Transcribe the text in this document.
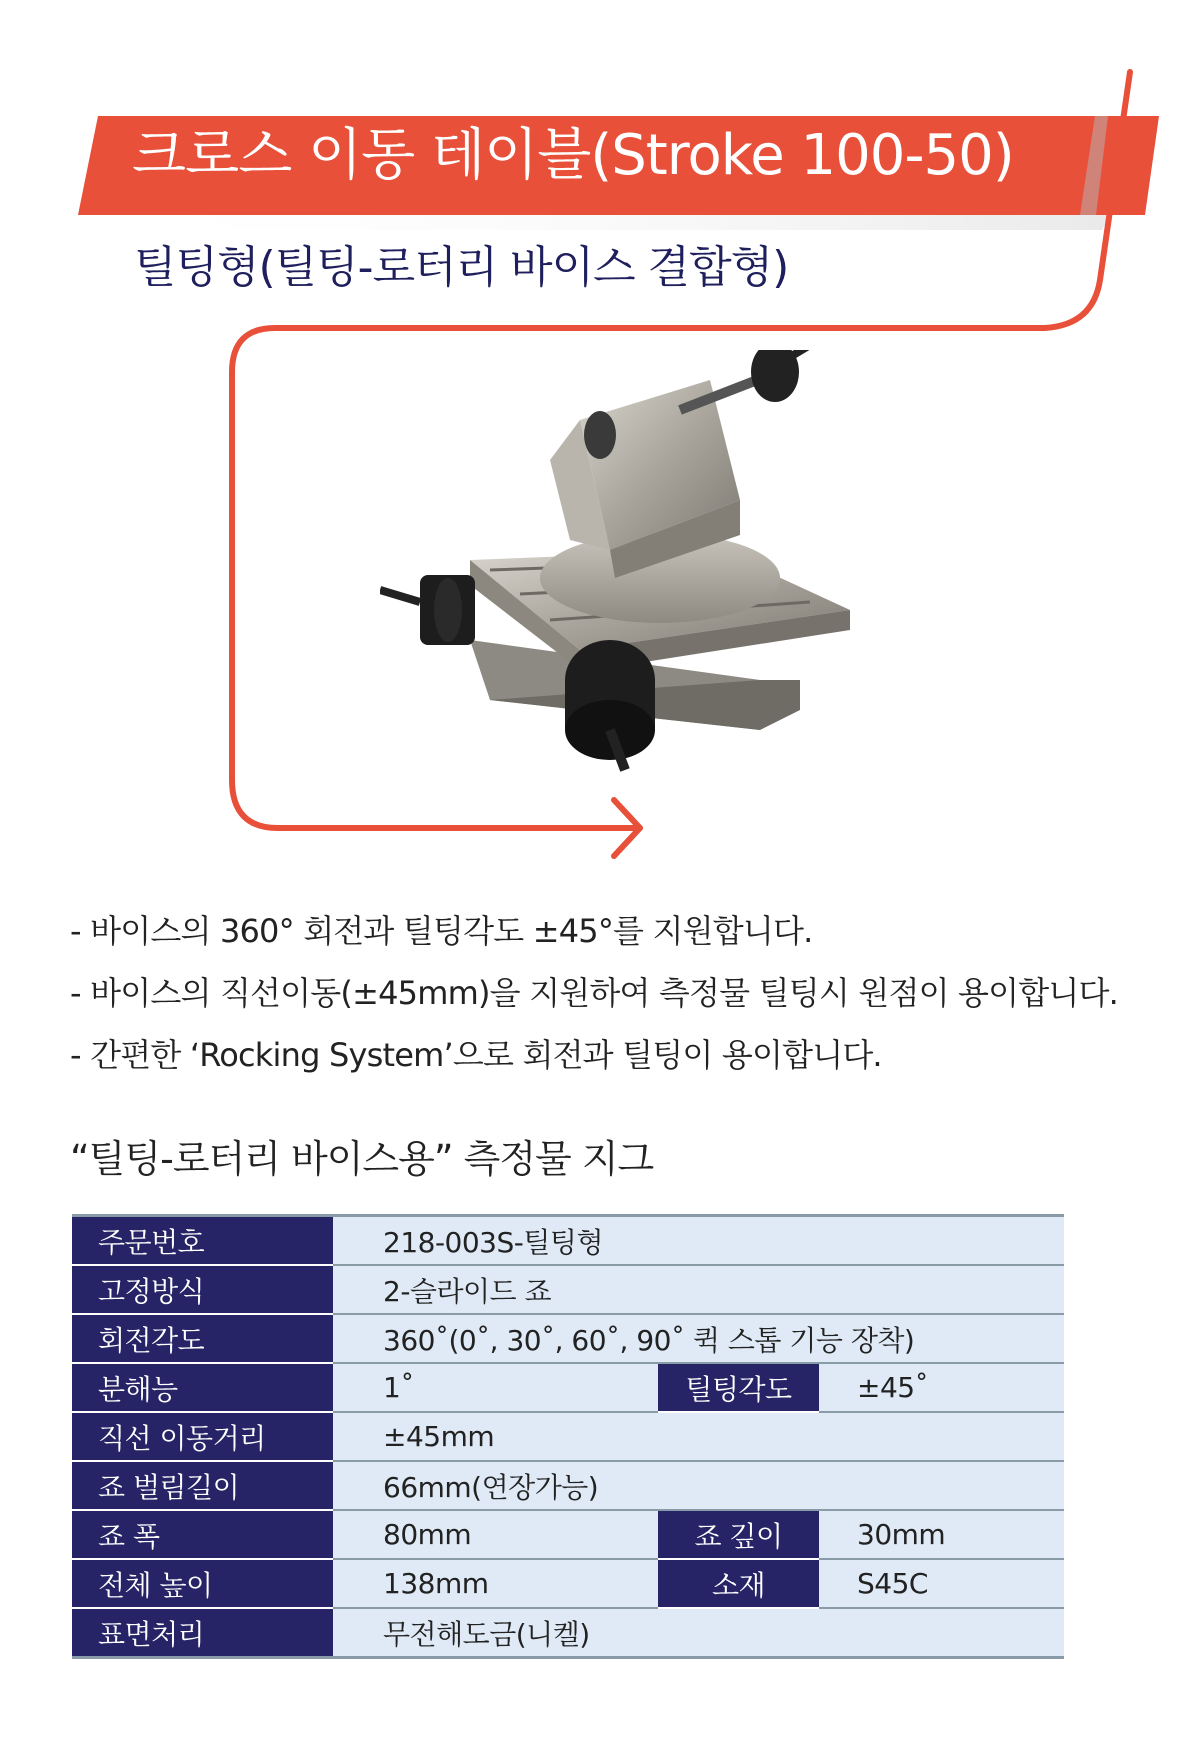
크로스 이동 테이블(Stroke 100-50)
틸팅형(틸팅-로터리 바이스 결합형)
- 바이스의 360° 회전과 틸팅각도 ±45°를 지원합니다.
- 바이스의 직선이동(±45mm)을 지원하여 측정물 틸팅시 원점이 용이합니다.
- 간편한 ‘Rocking System’으로 회전과 틸팅이 용이합니다.
“틸팅-로터리 바이스용” 측정물 지그
주문번호	218-003S-틸팅형		
고정방식	2-슬라이드 죠		
회전각도	360˚(0˚, 30˚, 60˚, 90˚ 퀵 스톱 기능 장착)		
분해능	1˚	틸팅각도	±45˚
직선 이동거리	±45mm		
죠 벌림길이	66mm(연장가능)		
죠 폭	80mm	죠 깊이	30mm
전체 높이	138mm	소재	S45C
표면처리	무전해도금(니켈)		
